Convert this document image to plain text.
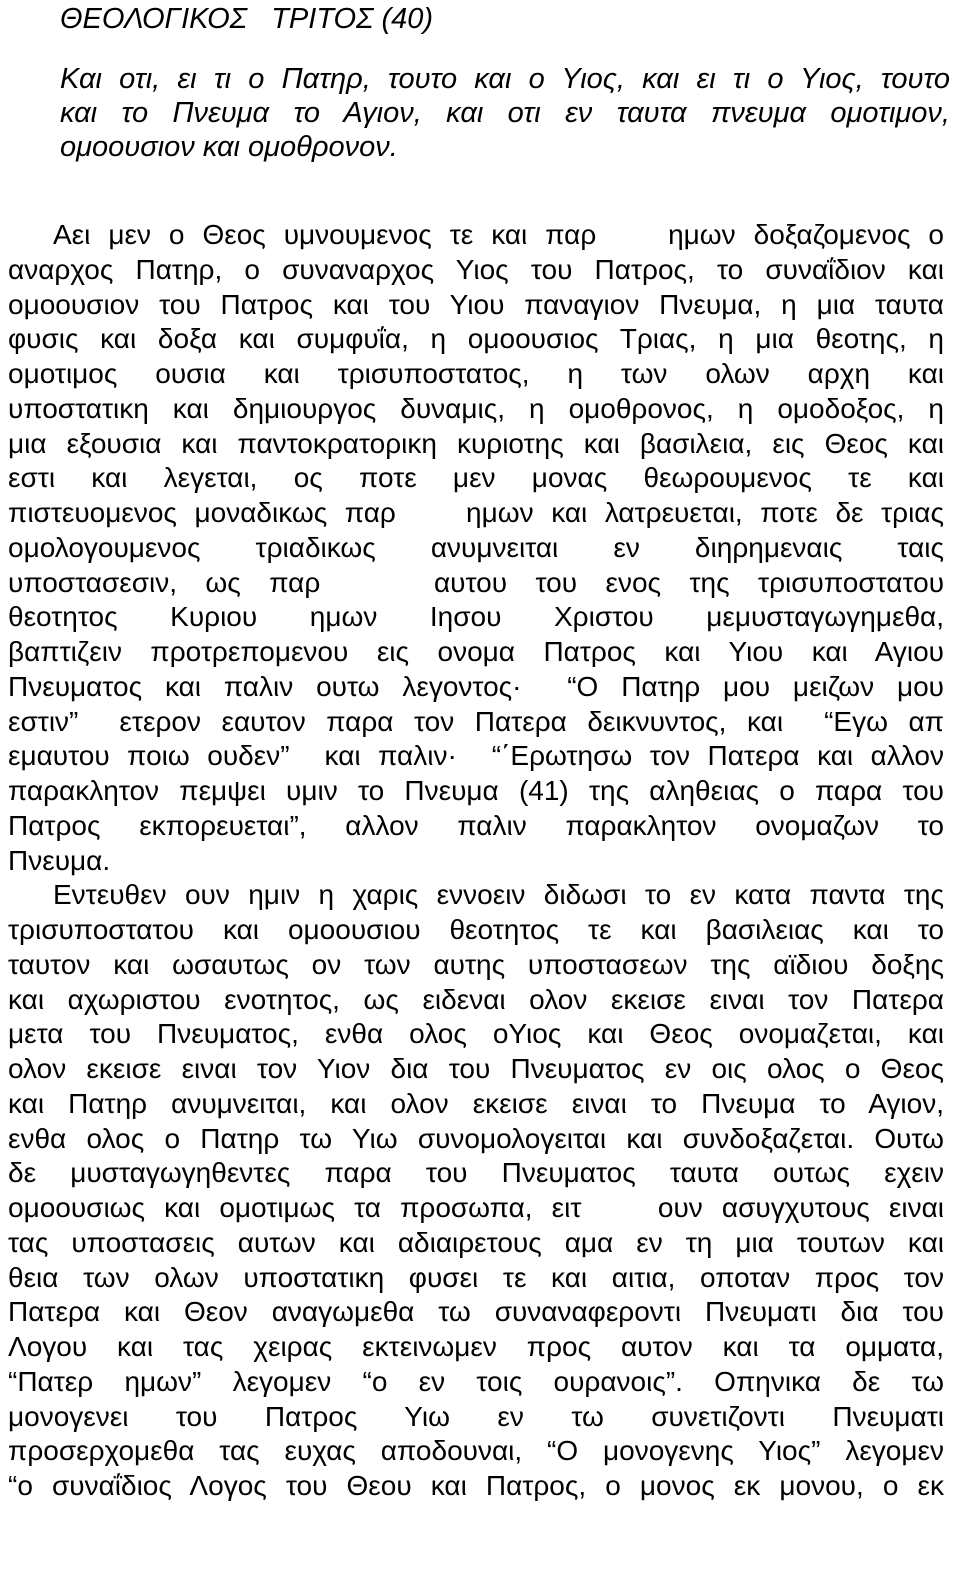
ΘΕΟΛΟΓΙΚΟΣ   ΤΡΙΤΟΣ (40)
Και οτι, ει τι ο Πατηρ, τουτο και ο Υιος, και ει τι ο Υιος, τουτο
και το Πνευμα το Αγιον, και οτι εν ταυτα πνευμα ομοτιμον,
ομοουσιον και ομοθρονον.
Αει μεν ο Θεος υμνουμενος τε και παρ    ημων δοξαζομενος ο
αναρχος Πατηρ, ο συναναρχος Υιος του Πατρος, το συναΐδιον και
ομοουσιον του Πατρος και του Υιου παναγιον Πνευμα, η μια ταυτα
φυσις και δοξα και συμφυΐα, η ομοουσιος Τριας, η μια θεοτης, η
ομοτιμος ουσια και τρισυποστατος, η των ολων αρχη και
υποστατικη και δημιουργος δυναμις, η ομοθρονος, η ομοδοξος, η
μια εξουσια και παντοκρατορικη κυριοτης και βασιλεια, εις Θεος και
εστι και λεγεται, ος ποτε μεν μονας θεωρουμενος τε και
πιστευομενος μοναδικως παρ    ημων και λατρευεται, ποτε δε τριας
ομολογουμενος τριαδικως ανυμνειται εν διηρημεναις ταις
υποστασεσιν, ως παρ    αυτου του ενος της τρισυποστατου
θεοτητος Κυριου ημων Ιησου Χριστου μεμυσταγωγημεθα,
βαπτιζειν προτρεπομενου εις ονομα Πατρος και Υιου και Αγιου
Πνευματος και παλιν ουτω λεγοντος·  “Ο Πατηρ μου μειζων μου
εστιν”  ετερον εαυτον παρα τον Πατερα δεικνυντος, και  “Εγω απ
εμαυτου ποιω ουδεν”  και παλιν·  “΄Ερωτησω τον Πατερα και αλλον
παρακλητον πεμψει υμιν το Πνευμα (41) της αληθειας ο παρα του
Πατρος εκπορευεται”, αλλον παλιν παρακλητον ονομαζων το
Πνευμα.
Εντευθεν ουν ημιν η χαρις εννοειν διδωσι το εν κατα παντα της
τρισυποστατου και ομοουσιου θεοτητος τε και βασιλειας και το
ταυτον και ωσαυτως ον των αυτης υποστασεων της αϊδιου δοξης
και αχωριστου ενοτητος, ως ειδεναι ολον εκεισε ειναι τον Πατερα
μετα του Πνευματος, ενθα ολος οΥιος και Θεος ονομαζεται, και
ολον εκεισε ειναι τον Υιον δια του Πνευματος εν οις ολος ο Θεος
και Πατηρ ανυμνειται, και ολον εκεισε ειναι το Πνευμα το Αγιον,
ενθα ολος ο Πατηρ τω Υιω συνομολογειται και συνδοξαζεται. Ουτω
δε μυσταγωγηθεντες παρα του Πνευματος ταυτα ουτως εχειν
ομοουσιως και ομοτιμως τα προσωπα, ειτ    ουν ασυγχυτους ειναι
τας υποστασεις αυτων και αδιαιρετους αμα εν τη μια τουτων και
θεια των ολων υποστατικη φυσει τε και αιτια, οποταν προς τον
Πατερα και Θεον αναγωμεθα τω συναναφεροντι Πνευματι δια του
Λογου και τας χειρας εκτεινωμεν προς αυτον και τα ομματα,
“Πατερ ημων” λεγομεν “ο εν τοις ουρανοις”. Οπηνικα δε τω
μονογενει του Πατρος Υιω εν τω συνετιζοντι Πνευματι
προσερχομεθα τας ευχας αποδουναι, “Ο μονογενης Υιος” λεγομεν
“ο συναΐδιος Λογος του Θεου και Πατρος, ο μονος εκ μονου, ο εκ
